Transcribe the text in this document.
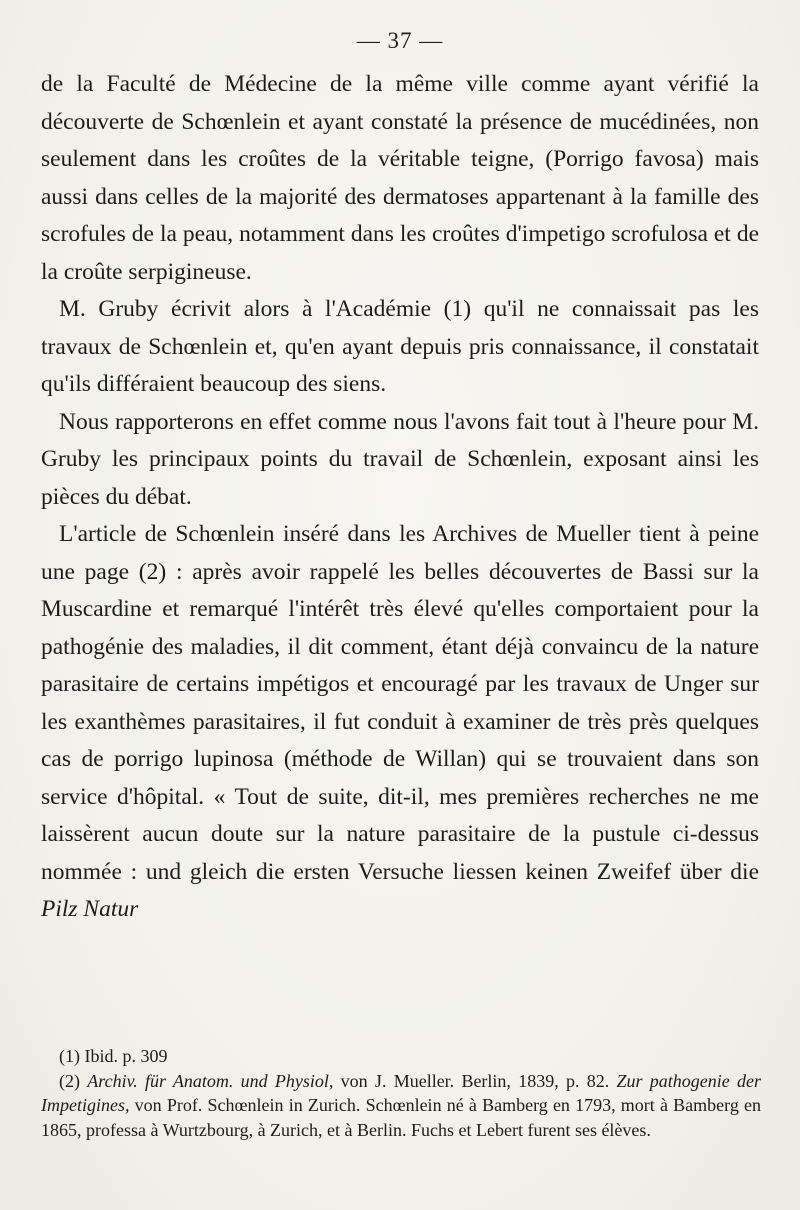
— 37 —

de la Faculté de Médecine de la même ville comme ayant vérifié la découverte de Schœnlein et ayant constaté la présence de mucédinées, non seulement dans les croûtes de la véritable teigne, (Porrigo favosa) mais aussi dans celles de la majorité des dermatoses appartenant à la famille des scrofules de la peau, notamment dans les croûtes d'impetigo scrofulosa et de la croûte serpigineuse.

M. Gruby écrivit alors à l'Académie (1) qu'il ne connaissait pas les travaux de Schœnlein et, qu'en ayant depuis pris connaissance, il constatait qu'ils différaient beaucoup des siens.

Nous rapporterons en effet comme nous l'avons fait tout à l'heure pour M. Gruby les principaux points du travail de Schœnlein, exposant ainsi les pièces du débat.

L'article de Schœnlein inséré dans les Archives de Mueller tient à peine une page (2) : après avoir rappelé les belles découvertes de Bassi sur la Muscardine et remarqué l'intérêt très élevé qu'elles comportaient pour la pathogénie des maladies, il dit comment, étant déjà convaincu de la nature parasitaire de certains impétigos et encouragé par les travaux de Unger sur les exanthèmes parasitaires, il fut conduit à examiner de très près quelques cas de porrigo lupinosa (méthode de Willan) qui se trouvaient dans son service d'hôpital. « Tout de suite, dit-il, mes premières recherches ne me laissèrent aucun doute sur la nature parasitaire de la pustule ci-dessus nommée : und gleich die ersten Versuche liessen keinen Zweifef über die Pilz Natur

(1) Ibid. p. 309

(2) Archiv. für Anatom. und Physiol, von J. Mueller. Berlin, 1839, p. 82. Zur pathogenie der Impetigines, von Prof. Schœnlein in Zurich. Schœnlein né à Bamberg en 1793, mort à Bamberg en 1865, professa à Wurtzbourg, à Zurich, et à Berlin. Fuchs et Lebert furent ses élèves.
